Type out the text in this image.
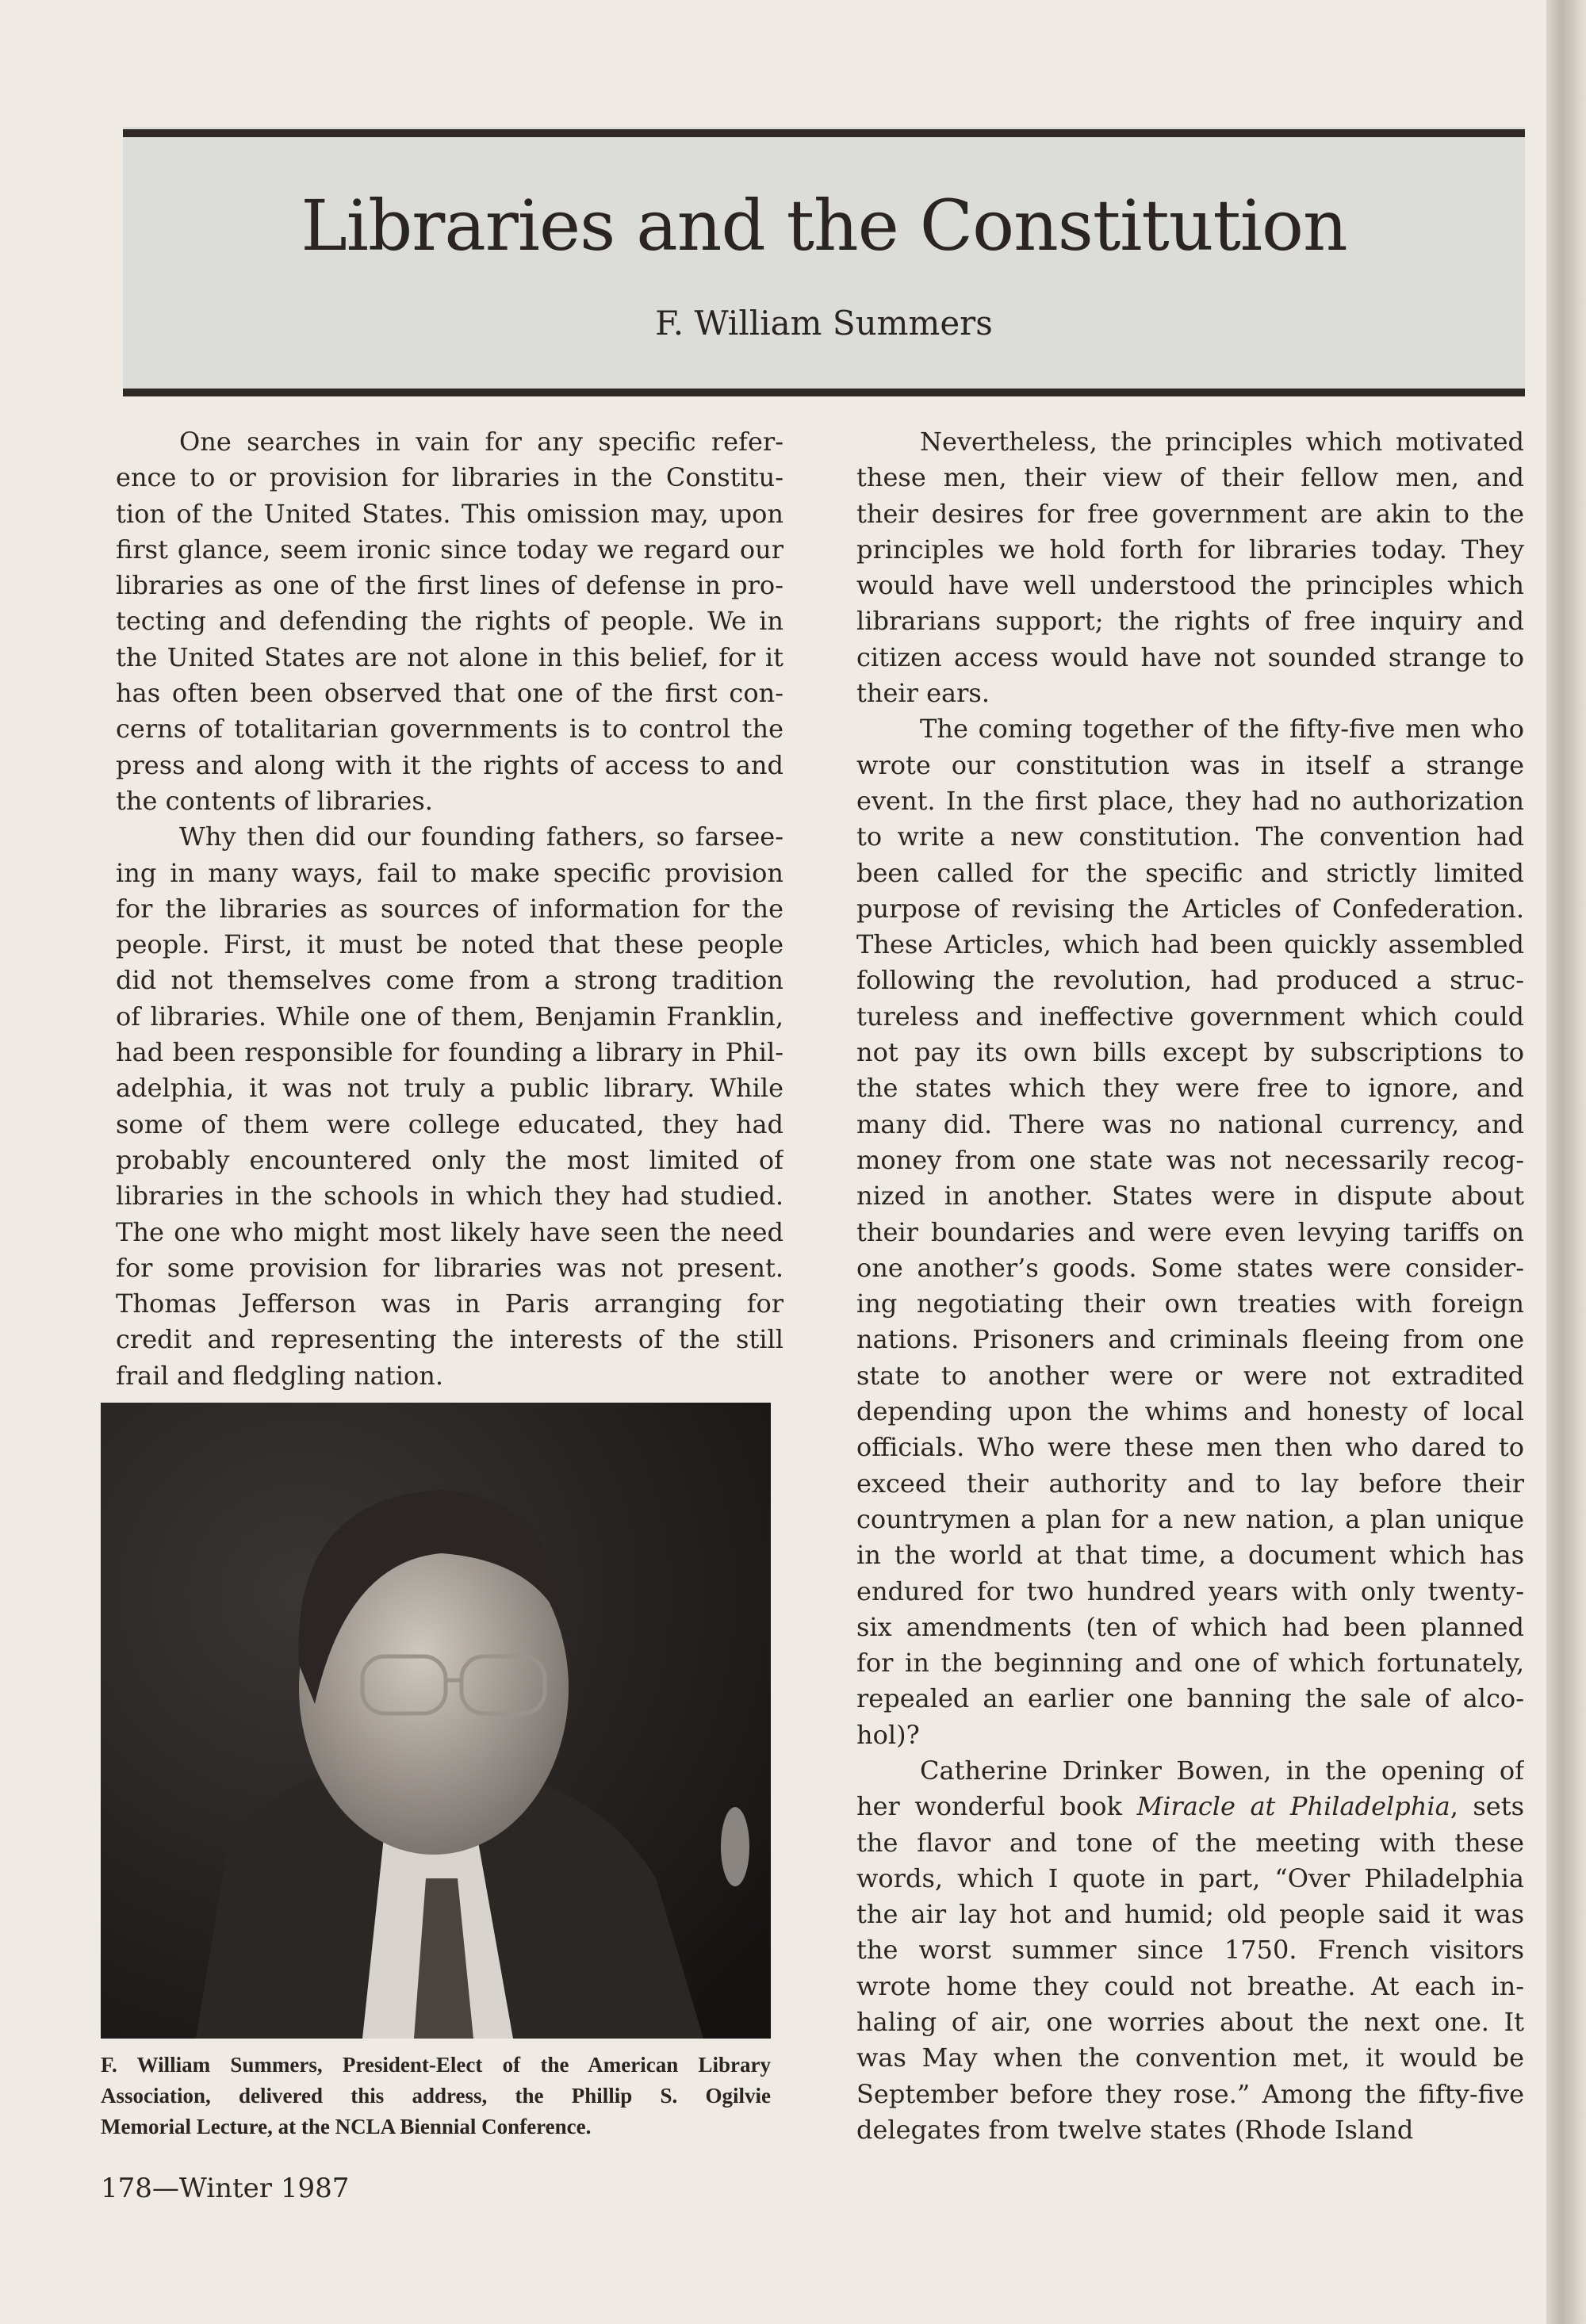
Libraries and the Constitution
F. William Summers
One searches in vain for any specific refer-
ence to or provision for libraries in the Constitu-
tion of the United States. This omission may, upon
first glance, seem ironic since today we regard our
libraries as one of the first lines of defense in pro-
tecting and defending the rights of people. We in
the United States are not alone in this belief, for it
has often been observed that one of the first con-
cerns of totalitarian governments is to control the
press and along with it the rights of access to and
the contents of libraries.
Why then did our founding fathers, so farsee-
ing in many ways, fail to make specific provision
for the libraries as sources of information for the
people. First, it must be noted that these people
did not themselves come from a strong tradition
of libraries. While one of them, Benjamin Franklin,
had been responsible for founding a library in Phil-
adelphia, it was not truly a public library. While
some of them were college educated, they had
probably encountered only the most limited of
libraries in the schools in which they had studied.
The one who might most likely have seen the need
for some provision for libraries was not present.
Thomas Jefferson was in Paris arranging for
credit and representing the interests of the still
frail and fledgling nation.
Nevertheless, the principles which motivated
these men, their view of their fellow men, and
their desires for free government are akin to the
principles we hold forth for libraries today. They
would have well understood the principles which
librarians support; the rights of free inquiry and
citizen access would have not sounded strange to
their ears.
The coming together of the fifty-five men who
wrote our constitution was in itself a strange
event. In the first place, they had no authorization
to write a new constitution. The convention had
been called for the specific and strictly limited
purpose of revising the Articles of Confederation.
These Articles, which had been quickly assembled
following the revolution, had produced a struc-
tureless and ineffective government which could
not pay its own bills except by subscriptions to
the states which they were free to ignore, and
many did. There was no national currency, and
money from one state was not necessarily recog-
nized in another. States were in dispute about
their boundaries and were even levying tariffs on
one another’s goods. Some states were consider-
ing negotiating their own treaties with foreign
nations. Prisoners and criminals fleeing from one
state to another were or were not extradited
depending upon the whims and honesty of local
officials. Who were these men then who dared to
exceed their authority and to lay before their
countrymen a plan for a new nation, a plan unique
in the world at that time, a document which has
endured for two hundred years with only twenty-
six amendments (ten of which had been planned
for in the beginning and one of which fortunately,
repealed an earlier one banning the sale of alco-
hol)?
Catherine Drinker Bowen, in the opening of
her wonderful book Miracle at Philadelphia, sets
the flavor and tone of the meeting with these
words, which I quote in part, “Over Philadelphia
the air lay hot and humid; old people said it was
the worst summer since 1750. French visitors
wrote home they could not breathe. At each in-
haling of air, one worries about the next one. It
was May when the convention met, it would be
September before they rose.” Among the fifty-five
delegates from twelve states (Rhode Island
F. William Summers, President-Elect of the American Library
Association, delivered this address, the Phillip S. Ogilvie
Memorial Lecture, at the NCLA Biennial Conference.
178—Winter 1987
